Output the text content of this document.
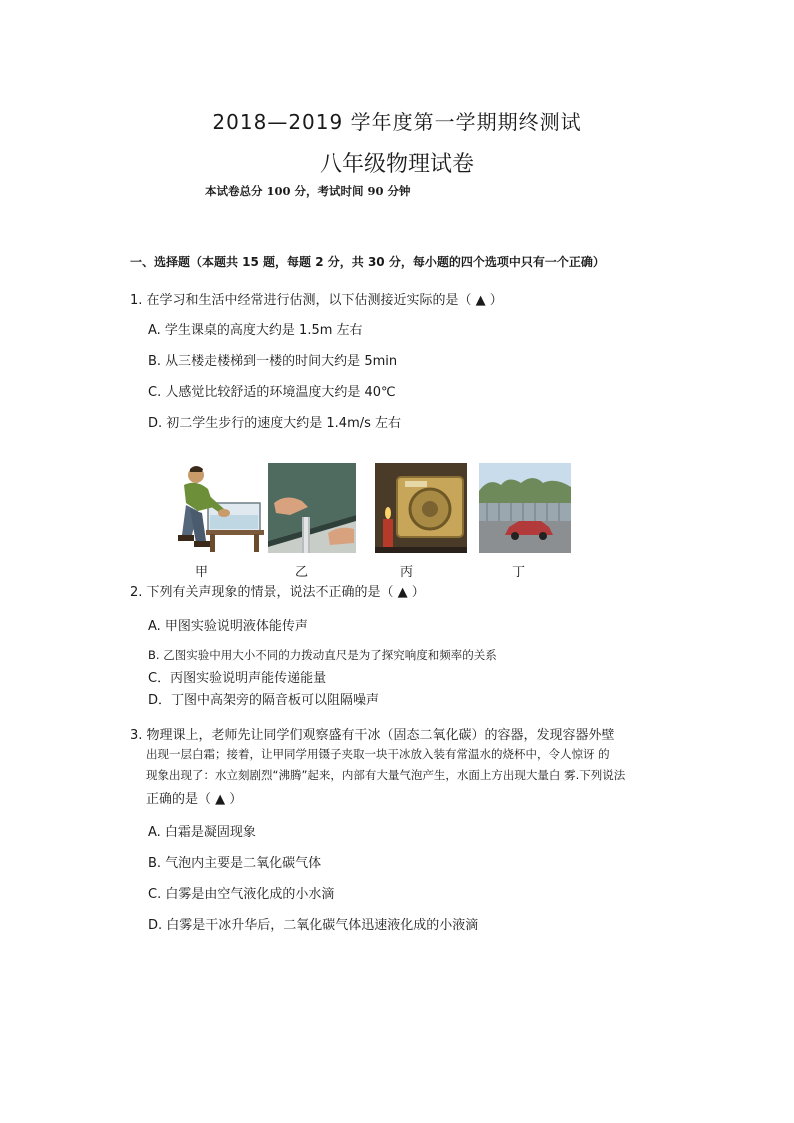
2018—2019 学年度第一学期期终测试
八年级物理试卷
本试卷总分 100 分，考试时间 90 分钟
一、选择题（本题共 15 题，每题 2 分，共 30 分，每小题的四个选项中只有一个正确）
1. 在学习和生活中经常进行估测，以下估测接近实际的是（ ▲ ）
A. 学生课桌的高度大约是 1.5m 左右
B. 从三楼走楼梯到一楼的时间大约是 5min
C. 人感觉比较舒适的环境温度大约是 40℃
D. 初二学生步行的速度大约是 1.4m/s 左右
甲	乙	丙	丁
2. 下列有关声现象的情景，说法不正确的是（ ▲ ）
A. 甲图实验说明液体能传声
B. 乙图实验中用大小不同的力拨动直尺是为了探究响度和频率的关系
C．丙图实验说明声能传递能量
D．丁图中高架旁的隔音板可以阻隔噪声
3. 物理课上，老师先让同学们观察盛有干冰（固态二氧化碳）的容器，发现容器外壁
出现一层白霜；接着，让甲同学用镊子夹取一块干冰放入装有常温水的烧杯中，令人惊讶 的
现象出现了：水立刻剧烈“沸腾”起来，内部有大量气泡产生，水面上方出现大量白 雾.下列说法
正确的是（ ▲ ）
A. 白霜是凝固现象
B. 气泡内主要是二氧化碳气体
C. 白雾是由空气液化成的小水滴
D. 白雾是干冰升华后，二氧化碳气体迅速液化成的小液滴
